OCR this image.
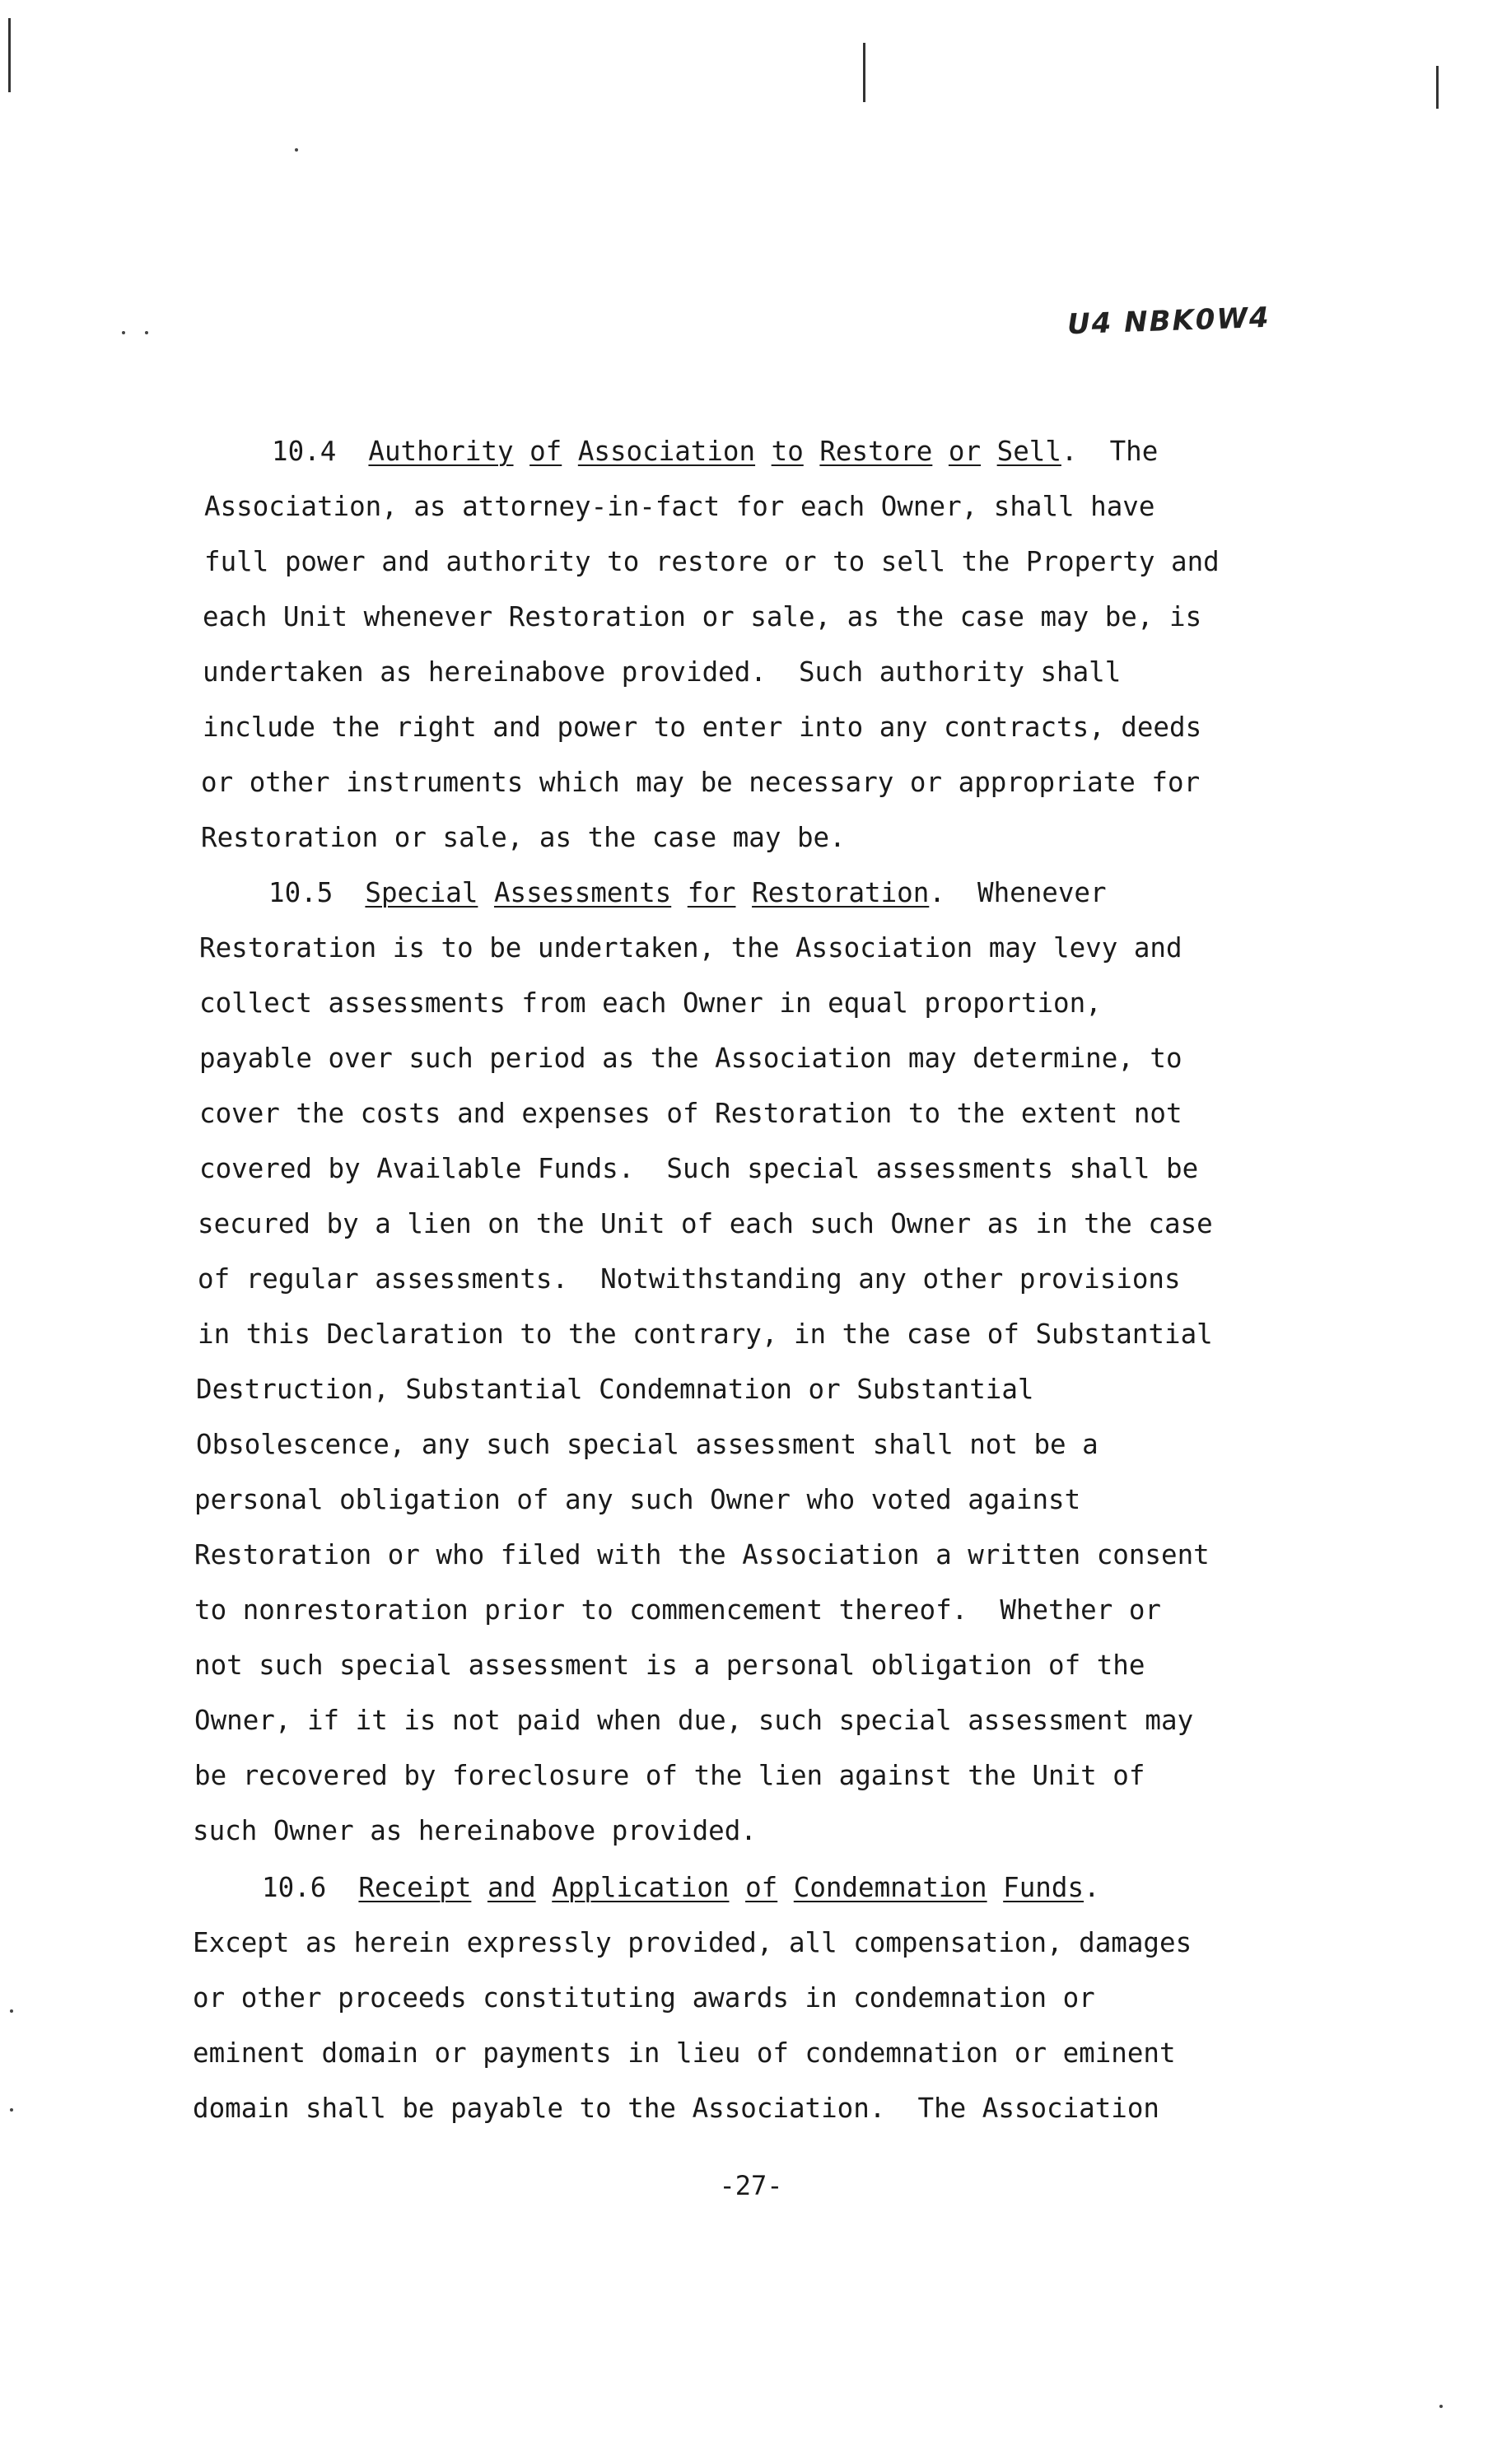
U4 NBK0W4
10.4 Authority of Association to Restore or Sell.  The
Association, as attorney-in-fact for each Owner, shall have
full power and authority to restore or to sell the Property and
each Unit whenever Restoration or sale, as the case may be, is
undertaken as hereinabove provided.  Such authority shall
include the right and power to enter into any contracts, deeds
or other instruments which may be necessary or appropriate for
Restoration or sale, as the case may be.
10.5 Special Assessments for Restoration.  Whenever
Restoration is to be undertaken, the Association may levy and
collect assessments from each Owner in equal proportion,
payable over such period as the Association may determine, to
cover the costs and expenses of Restoration to the extent not
covered by Available Funds.  Such special assessments shall be
secured by a lien on the Unit of each such Owner as in the case
of regular assessments.  Notwithstanding any other provisions
in this Declaration to the contrary, in the case of Substantial
Destruction, Substantial Condemnation or Substantial
Obsolescence, any such special assessment shall not be a
personal obligation of any such Owner who voted against
Restoration or who filed with the Association a written consent
to nonrestoration prior to commencement thereof.  Whether or
not such special assessment is a personal obligation of the
Owner, if it is not paid when due, such special assessment may
be recovered by foreclosure of the lien against the Unit of
such Owner as hereinabove provided.
10.6 Receipt and Application of Condemnation Funds.
Except as herein expressly provided, all compensation, damages
or other proceeds constituting awards in condemnation or
eminent domain or payments in lieu of condemnation or eminent
domain shall be payable to the Association.  The Association
-27-
